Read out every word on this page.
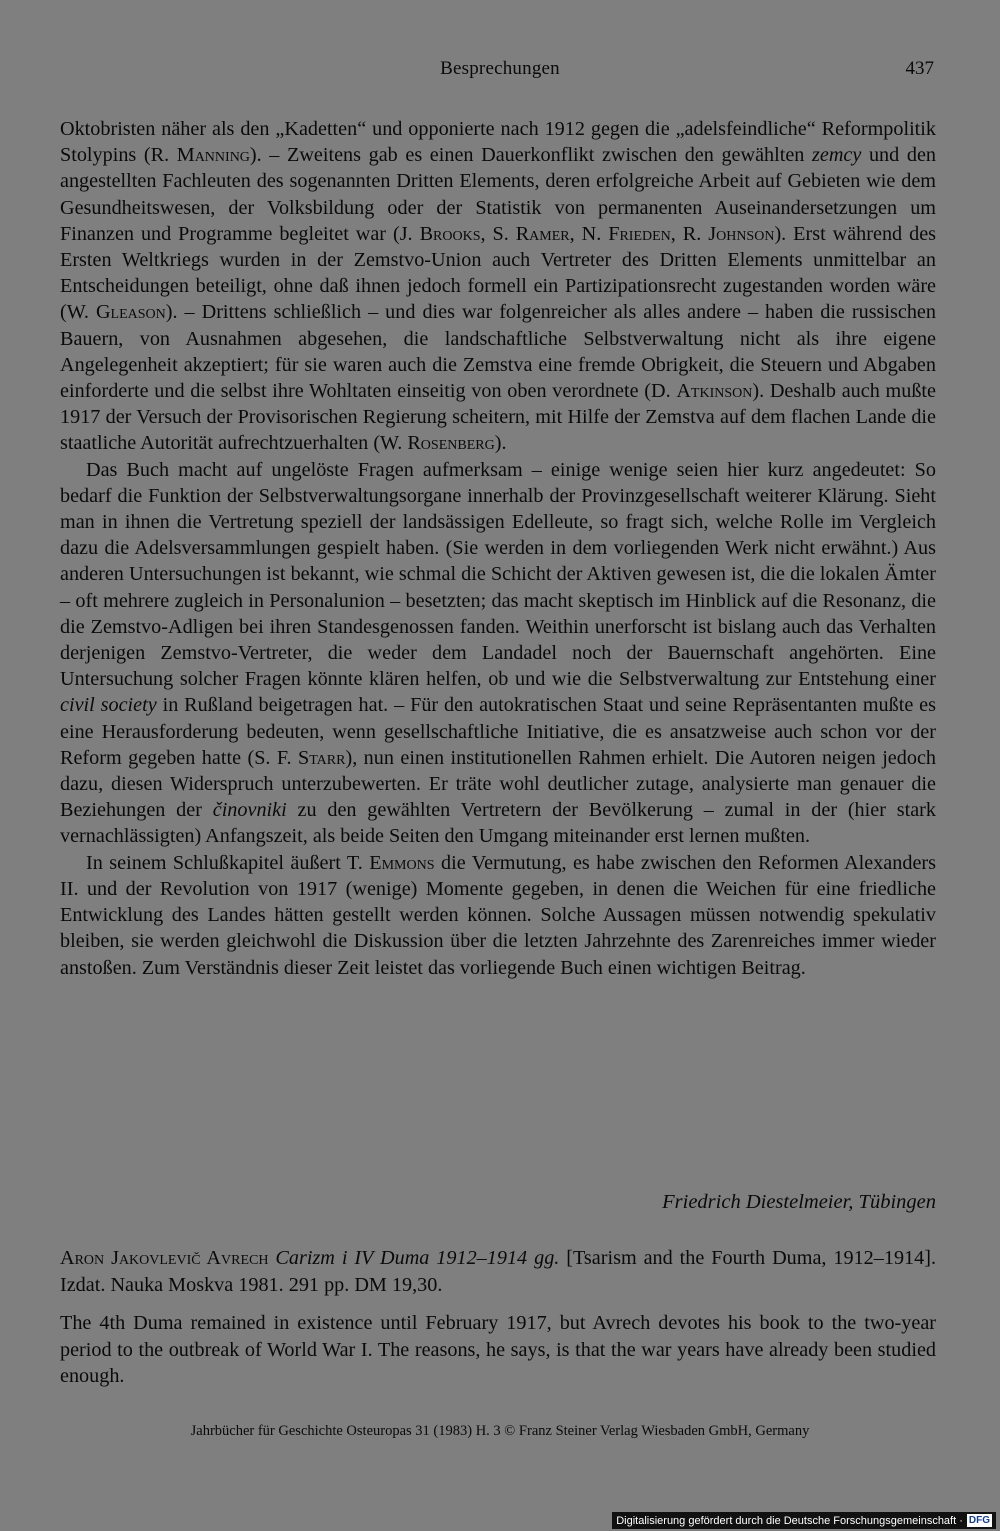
Besprechungen	437

Oktobristen näher als den „Kadetten“ und opponierte nach 1912 gegen die „adelsfeindliche“ Reformpolitik Stolypins (R. Manning). – Zweitens gab es einen Dauerkonflikt zwischen den gewählten zemcy und den angestellten Fachleuten des sogenannten Dritten Elements, deren erfolgreiche Arbeit auf Gebieten wie dem Gesundheitswesen, der Volksbildung oder der Statistik von permanenten Auseinandersetzungen um Finanzen und Programme begleitet war (J. Brooks, S. Ramer, N. Frieden, R. Johnson). Erst während des Ersten Weltkriegs wurden in der Zemstvo-Union auch Vertreter des Dritten Elements unmittelbar an Entscheidungen beteiligt, ohne daß ihnen jedoch formell ein Partizipationsrecht zugestanden worden wäre (W. Gleason). – Drittens schließlich – und dies war folgenreicher als alles andere – haben die russischen Bauern, von Ausnahmen abgesehen, die landschaftliche Selbstverwaltung nicht als ihre eigene Angelegenheit akzeptiert; für sie waren auch die Zemstva eine fremde Obrigkeit, die Steuern und Abgaben einforderte und die selbst ihre Wohltaten einseitig von oben verordnete (D. Atkinson). Deshalb auch mußte 1917 der Versuch der Provisorischen Regierung scheitern, mit Hilfe der Zemstva auf dem flachen Lande die staatliche Autorität aufrechtzuerhalten (W. Rosenberg).

Das Buch macht auf ungelöste Fragen aufmerksam – einige wenige seien hier kurz angedeutet: So bedarf die Funktion der Selbstverwaltungsorgane innerhalb der Provinzgesellschaft weiterer Klärung. Sieht man in ihnen die Vertretung speziell der landsässigen Edelleute, so fragt sich, welche Rolle im Vergleich dazu die Adelsversammlungen gespielt haben. (Sie werden in dem vorliegenden Werk nicht erwähnt.) Aus anderen Untersuchungen ist bekannt, wie schmal die Schicht der Aktiven gewesen ist, die die lokalen Ämter – oft mehrere zugleich in Personalunion – besetzten; das macht skeptisch im Hinblick auf die Resonanz, die die Zemstvo-Adligen bei ihren Standesgenossen fanden. Weithin unerforscht ist bislang auch das Verhalten derjenigen Zemstvo-Vertreter, die weder dem Landadel noch der Bauernschaft angehörten. Eine Untersuchung solcher Fragen könnte klären helfen, ob und wie die Selbstverwaltung zur Entstehung einer civil society in Rußland beigetragen hat. – Für den autokratischen Staat und seine Repräsentanten mußte es eine Herausforderung bedeuten, wenn gesellschaftliche Initiative, die es ansatzweise auch schon vor der Reform gegeben hatte (S. F. Starr), nun einen institutionellen Rahmen erhielt. Die Autoren neigen jedoch dazu, diesen Widerspruch unterzubewerten. Er träte wohl deutlicher zutage, analysierte man genauer die Beziehungen der činovniki zu den gewählten Vertretern der Bevölkerung – zumal in der (hier stark vernachlässigten) Anfangszeit, als beide Seiten den Umgang miteinander erst lernen mußten.

In seinem Schlußkapitel äußert T. Emmons die Vermutung, es habe zwischen den Reformen Alexanders II. und der Revolution von 1917 (wenige) Momente gegeben, in denen die Weichen für eine friedliche Entwicklung des Landes hätten gestellt werden können. Solche Aussagen müssen notwendig spekulativ bleiben, sie werden gleichwohl die Diskussion über die letzten Jahrzehnte des Zarenreiches immer wieder anstoßen. Zum Verständnis dieser Zeit leistet das vorliegende Buch einen wichtigen Beitrag.

Friedrich Diestelmeier, Tübingen
Aron Jakovlevič Avrech Carizm i IV Duma 1912–1914 gg. [Tsarism and the Fourth Duma, 1912–1914]. Izdat. Nauka Moskva 1981. 291 pp. DM 19,30.
The 4th Duma remained in existence until February 1917, but Avrech devotes his book to the two-year period to the outbreak of World War I. The reasons, he says, is that the war years have already been studied enough.
Jahrbücher für Geschichte Osteuropas 31 (1983) H. 3 © Franz Steiner Verlag Wiesbaden GmbH, Germany
Digitalisierung gefördert durch die Deutsche Forschungsgemeinschaft · DFG
